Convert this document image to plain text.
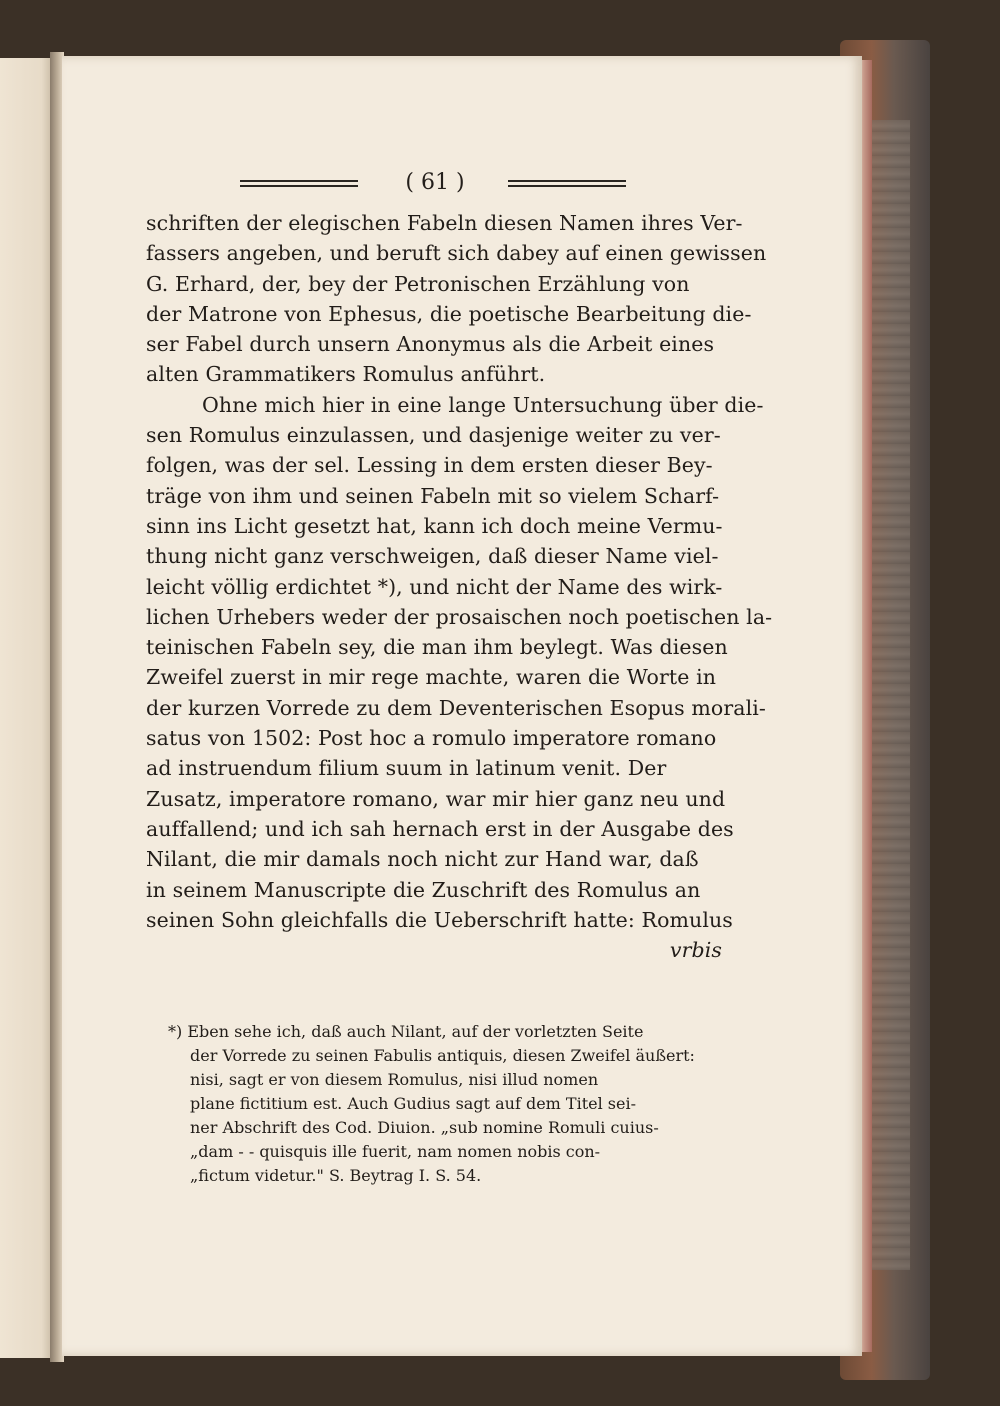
( 61 )
schriften der elegischen Fabeln diesen Namen ihres Ver-
fassers angeben, und beruft sich dabey auf einen gewissen
G. Erhard, der, bey der Petronischen Erzählung von
der Matrone von Ephesus, die poetische Bearbeitung die-
ser Fabel durch unsern Anonymus als die Arbeit eines
alten Grammatikers Romulus anführt.
Ohne mich hier in eine lange Untersuchung über die-
sen Romulus einzulassen, und dasjenige weiter zu ver-
folgen, was der sel. Lessing in dem ersten dieser Bey-
träge von ihm und seinen Fabeln mit so vielem Scharf-
sinn ins Licht gesetzt hat, kann ich doch meine Vermu-
thung nicht ganz verschweigen, daß dieser Name viel-
leicht völlig erdichtet *), und nicht der Name des wirk-
lichen Urhebers weder der prosaischen noch poetischen la-
teinischen Fabeln sey, die man ihm beylegt. Was diesen
Zweifel zuerst in mir rege machte, waren die Worte in
der kurzen Vorrede zu dem Deventerischen Esopus morali-
satus von 1502: Post hoc a romulo imperatore romano
ad instruendum filium suum in latinum venit. Der
Zusatz, imperatore romano, war mir hier ganz neu und
auffallend; und ich sah hernach erst in der Ausgabe des
Nilant, die mir damals noch nicht zur Hand war, daß
in seinem Manuscripte die Zuschrift des Romulus an
seinen Sohn gleichfalls die Ueberschrift hatte: Romulus
vrbis
*) Eben sehe ich, daß auch Nilant, auf der vorletzten Seite
der Vorrede zu seinen Fabulis antiquis, diesen Zweifel äußert:
nisi, sagt er von diesem Romulus, nisi illud nomen
plane fictitium est. Auch Gudius sagt auf dem Titel sei-
ner Abschrift des Cod. Diuion. „sub nomine Romuli cuius-
„dam - - quisquis ille fuerit, nam nomen nobis con-
„fictum videtur." S. Beytrag I. S. 54.
